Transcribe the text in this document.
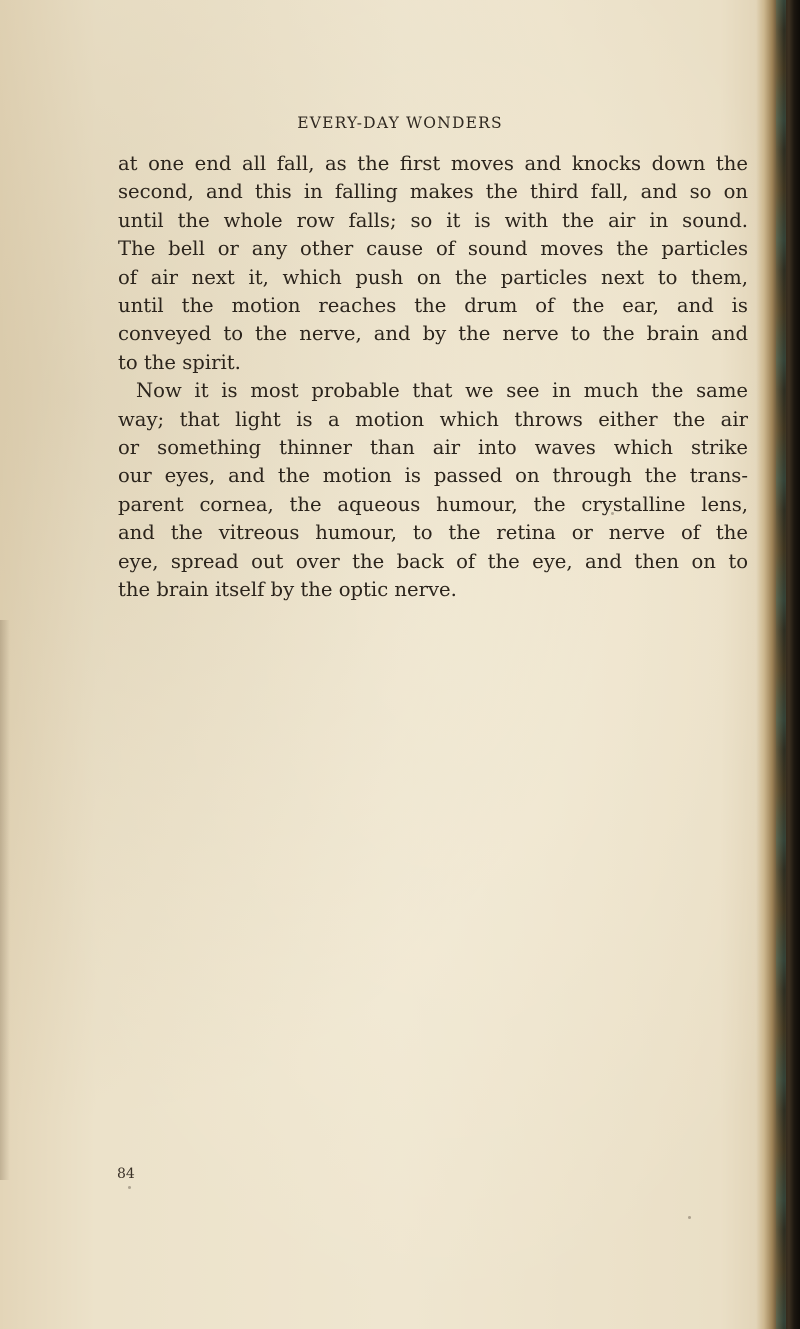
EVERY-DAY WONDERS
at one end all fall, as the first moves and knocks down the
second, and this in falling makes the third fall, and so on
until the whole row falls; so it is with the air in sound.
The bell or any other cause of sound moves the particles
of air next it, which push on the particles next to them,
until the motion reaches the drum of the ear, and is
conveyed to the nerve, and by the nerve to the brain and
to the spirit.
Now it is most probable that we see in much the same
way; that light is a motion which throws either the air
or something thinner than air into waves which strike
our eyes, and the motion is passed on through the trans-
parent cornea, the aqueous humour, the crystalline lens,
and the vitreous humour, to the retina or nerve of the
eye, spread out over the back of the eye, and then on to
the brain itself by the optic nerve.
84
